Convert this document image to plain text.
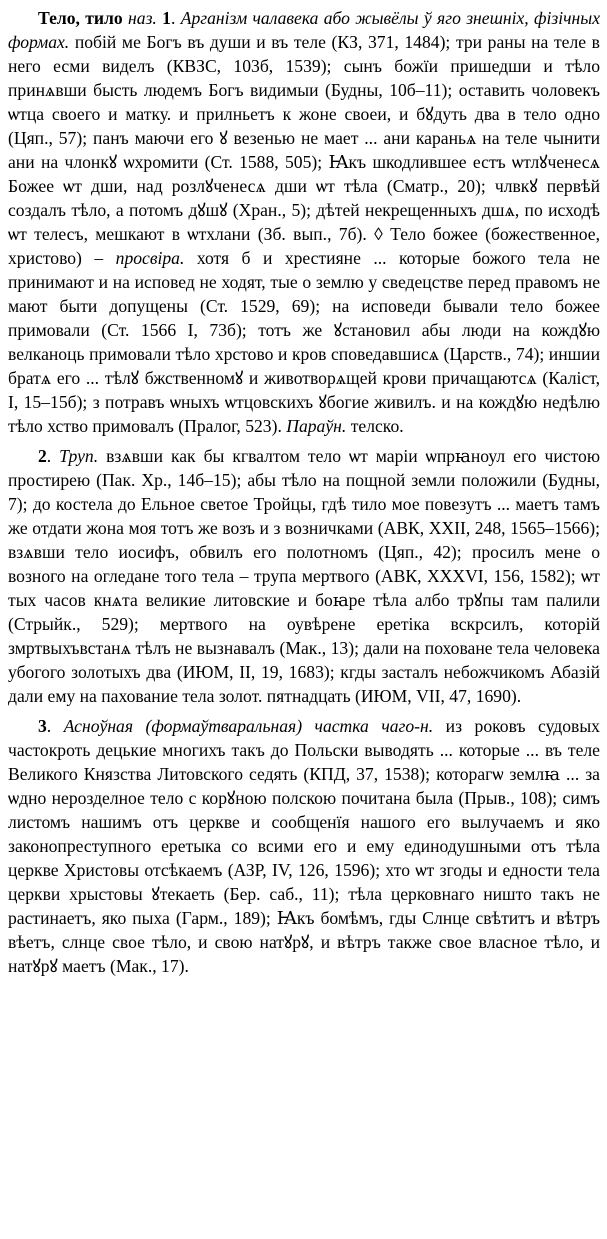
Тело, тило наз. 1. Арганізм чалавека або жывёлы ў яго знешніх, фізічных формах. побій ме Богъ въ души и въ теле (КЗ, 371, 1484); три раны на теле в него есми виделъ (КВЗС, 103б, 1539); сынъ божїи пришедши и тѣло принѧвши бысть людемъ Богъ видимыи (Будны, 10б–11); оставить чоловекъ ѡтца своего и матку. и прилньетъ к жоне своеи, и бꙋдуть два в тело одно (Цяп., 57); панъ маючи его ꙋ везенью не мает ... ани караньѧ на теле чынити ани на члонкꙋ ѡхромити (Ст. 1588, 505); Ꙗкъ шкодлившее естъ ѡтлꙋченесѧ Божее ѡт дши, над розлꙋченесѧ дши ѡт тѣла (Сматр., 20); члвкꙋ первѣй создалъ тѣло, а потомъ дꙋшꙋ (Хран., 5); дѣтей некрещенныхъ дшѧ, по исходѣ ѡт телесъ, мешкают в ѡтхлани (Зб. вып., 7б). ◊ Тело божее (божественное, христово) – просвіра. хотя б и хрестияне ... которые божого тела не принимают и на исповед не ходят, тые о землю у сведецстве перед правомъ не мают быти допущены (Ст. 1529, 69); на исповеди бывали тело божее примовали (Ст. 1566 I, 73б); тотъ же ꙋстановил абы люди на кождꙋю велканоць примовали тѣло хрстово и кров споведавшисѧ (Царств., 74); иншии братѧ его ... тѣлꙋ бжственномꙋ и животворѧщей крови причащаютсѧ (Каліст, I, 15–15б); з потравъ ѡныхъ ѡтцовскихъ ꙋбогие живилъ. и на кождꙋю недѣлю тѣло хство примовалъ (Пралог, 523). Параўн. телско.

2. Труп. взѧвши как бы кгвалтом тело ѡт марiи ѡпрꙗноул его чистою простирею (Пак. Хр., 14б–15); абы тѣло на пощной земли положили (Будны, 7); до костела до Ельное светое Тройцы, гдѣ тило мое повезутъ ... маетъ тамъ же отдати жона моя тотъ же возъ и з возничками (АВК, XXII, 248, 1565–1566); взѧвши тело иосифъ, обвилъ его полотномъ (Цяп., 42); просилъ мене о возного на огледане того тела – трупа мертвого (АВК, XXXVI, 156, 1582); ѡт тых часов кнѧта великие литовские и боꙗре тѣла албо трꙋпы там палили (Стрыйк., 529); мертвого на оувѣрене еретіка вскрсилъ, которій змртвыхъвстанѧ тѣлъ не вызнавалъ (Мак., 13); дали на поховане тела человека убогого золотыхъ два (ИЮМ, II, 19, 1683); кгды засталъ небожчикомъ Абазій дали ему на пахование тела золот. пятнадцать (ИЮМ, VII, 47, 1690).

3. Асноўная (формаўтваральная) частка чаго-н. из роковъ судовых частокроть децькие многихъ такъ до Польски выводять ... которые ... въ теле Великого Князства Литовского седять (КПД, 37, 1538); которагѡ землꙗ ... за ѡдно нерозделное тело с корꙋною полскою почитана была (Прыв., 108); симъ листомъ нашимъ отъ церкве и сообщенїя нашого его вылучаемъ и яко законопреступного еретыка со всими его и ему единодушными отъ тѣла церкве Христовы отсѣкаемъ (АЗР, IV, 126, 1596); хто ѡт згоды и едности тела церкви хрыстовы ꙋтекаеть (Бер. саб., 11); тѣла церковнаго ништо такъ не растинаетъ, яко пыха (Гарм., 189); Ꙗкъ бомѣмъ, гды Слнце свѣтитъ и вѣтръ вѣетъ, слнце свое тѣло, и свою натꙋрꙋ, и вѣтръ также свое власное тѣло, и натꙋрꙋ маетъ (Мак., 17).
